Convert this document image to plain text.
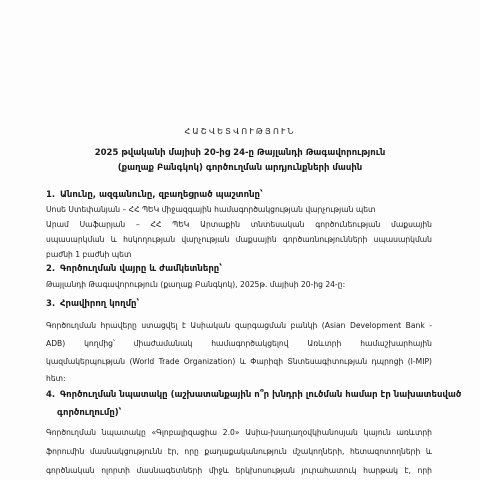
ՀԱՇՎԵՏՎՈՒԹՅՈՒՆ
2025 թվականի մայիսի 20-ից 24-ը Թայլանդի Թագավորություն
(քաղաք Բանգկոկ) գործուղման արդյունքների մասին
1. Անունը, ազգանունը, զբաղեցրած պաշտոնը՝
Սոսե Ստեփանյան – ՀՀ ՊԵԿ միջազգային համագործակցության վարչության պետ
Արամ Սաֆարյան – ՀՀ ՊԵԿ Արտաքին տնտեսական գործունեության մաքսային
սպասարկման և հսկողության վարչության մաքսային գործառնությունների սպասարկման
բաժնի 1 բաժնի պետ
2. Գործուղման վայրը և ժամկետները՝
Թայլանդի Թագավորություն (քաղաք Բանգկոկ), 2025թ. մայիսի 20-ից 24-ը:
3. Հրավիրող կողմը՝
Գործուղման հրավերը ստացվել է Ասիական զարգացման բանկի (Asian Development Bank -
ADB) կողմից՝ միաժամանակ համագործակցելով Առևտրի համաշխարհային
կազմակերպության (World Trade Organization) և Փարիզի Տնտեսագիտության դպրոցի (I-MIP)
հետ:
4. Գործուղման նպատակը (աշխատանքային ո՞ր խնդրի լուծման համար էր նախատեսված
գործուղումը)՝
Գործուղման նպատակը «Գլոբալիզացիա 2.0» Ասիա-խաղաղօվկիանոսյան կայուն առևտրի
ֆորումին մասնակցությունն էր, որը քաղաքականություն մշակողների, հետազոտողների և
գործնական ոլորտի մասնագետների միջև երկխոսության յուրահատուկ հարթակ է, որի
